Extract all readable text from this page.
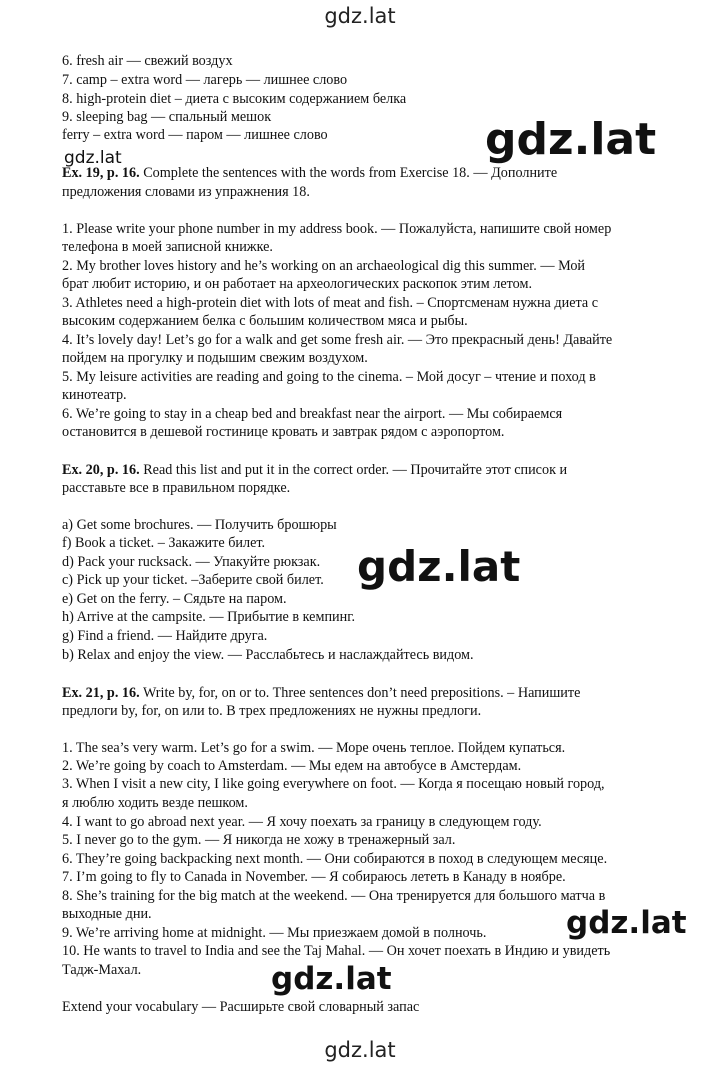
gdz.lat
6. fresh air — свежий воздух
7. camp – extra word — лагерь — лишнее слово
8. high-protein diet – диета с высоким содержанием белка
9. sleeping bag — спальный мешок
ferry – extra word — паром — лишнее слово
Ex. 19, p. 16. Complete the sentences with the words from Exercise 18. — Дополните
предложения словами из упражнения 18.
1. Please write your phone number in my address book. — Пожалуйста, напишите свой номер
телефона в моей записной книжке.
2. My brother loves history and he’s working on an archaeological dig this summer. — Мой
брат любит историю, и он работает на археологических раскопок этим летом.
3. Athletes need a high-protein diet with lots of meat and fish. – Спортсменам нужна диета с
высоким содержанием белка с большим количеством мяса и рыбы.
4. It’s lovely day! Let’s go for a walk and get some fresh air. — Это прекрасный день! Давайте
пойдем на прогулку и подышим свежим воздухом.
5. My leisure activities are reading and going to the cinema. – Мой досуг – чтение и поход в
кинотеатр.
6. We’re going to stay in a cheap bed and breakfast near the airport. — Мы собираемся
остановится в дешевой гостинице кровать и завтрак рядом с аэропортом.
Ex. 20, p. 16. Read this list and put it in the correct order. — Прочитайте этот список и
расставьте все в правильном порядке.
a) Get some brochures. — Получить брошюры
f) Book a ticket. – Закажите билет.
d) Pack your rucksack. — Упакуйте рюкзак.
c) Pick up your ticket. –Заберите свой билет.
e) Get on the ferry. – Сядьте на паром.
h) Arrive at the campsite. — Прибытие в кемпинг.
g) Find a friend. — Найдите друга.
b) Relax and enjoy the view. — Расслабьтесь и наслаждайтесь видом.
Ex. 21, p. 16. Write by, for, on or to. Three sentences don’t need prepositions. – Напишите
предлоги by, for, on или to. В трех предложениях не нужны предлоги.
1. The sea’s very warm. Let’s go for a swim. — Море очень теплое. Пойдем купаться.
2. We’re going by coach to Amsterdam. — Мы едем на автобусе в Амстердам.
3. When I visit a new city, I like going everywhere on foot. — Когда я посещаю новый город,
я люблю ходить везде пешком.
4. I want to go abroad next year. — Я хочу поехать за границу в следующем году.
5. I never go to the gym. — Я никогда не хожу в тренажерный зал.
6. They’re going backpacking next month. — Они собираются в поход в следующем месяце.
7. I’m going to fly to Canada in November. — Я собираюсь лететь в Канаду в ноябре.
8. She’s training for the big match at the weekend. — Она тренируется для большого матча в
выходные дни.
9. We’re arriving home at midnight. — Мы приезжаем домой в полночь.
10. He wants to travel to India and see the Taj Mahal. — Он хочет поехать в Индию и увидеть
Тадж-Махал.
Extend your vocabulary — Расширьте свой словарный запас
gdz.lat	gdz.lat
gdz.lat
gdz.lat
gdz.lat
gdz.lat
